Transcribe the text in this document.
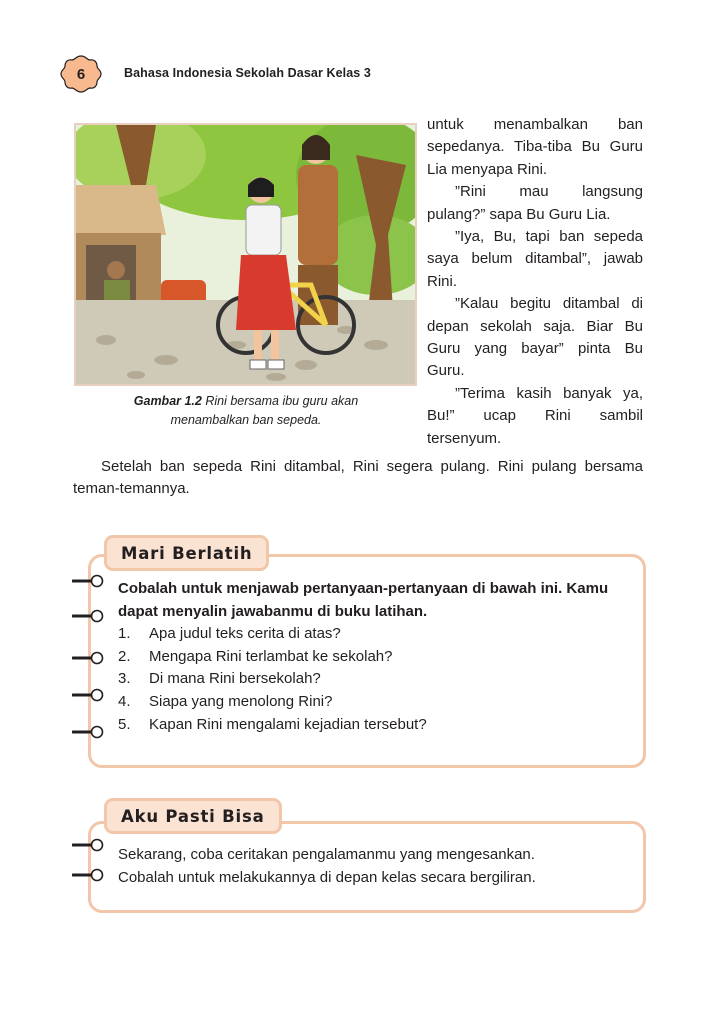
6	Bahasa Indonesia Sekolah Dasar Kelas 3
Gambar 1.2 Rini bersama ibu guru akan menambalkan ban sepeda.

untuk menambalkan ban sepedanya. Tiba-tiba Bu Guru Lia menyapa Rini.

”Rini mau langsung pulang?” sapa Bu Guru Lia.

”Iya, Bu, tapi ban sepeda saya belum ditambal”, jawab Rini.

”Kalau begitu ditambal di depan sekolah saja. Biar Bu Guru yang bayar” pinta Bu Guru.

”Terima kasih banyak ya, Bu!” ucap Rini sambil tersenyum.

Setelah ban sepeda Rini ditambal, Rini segera pulang. Rini pulang bersama teman-temannya.

Mari Berlatih

Cobalah untuk menjawab pertanyaan-pertanyaan di bawah ini. Kamu dapat menyalin jawabanmu di buku latihan.

1.	Apa judul teks cerita di atas?
2.	Mengapa Rini terlambat ke sekolah?
3.	Di mana Rini bersekolah?
4.	Siapa yang menolong Rini?
5.	Kapan Rini mengalami kejadian tersebut?
Aku Pasti Bisa

Sekarang, coba ceritakan pengalamanmu yang mengesankan.

Cobalah untuk melakukannya di depan kelas secara bergiliran.
